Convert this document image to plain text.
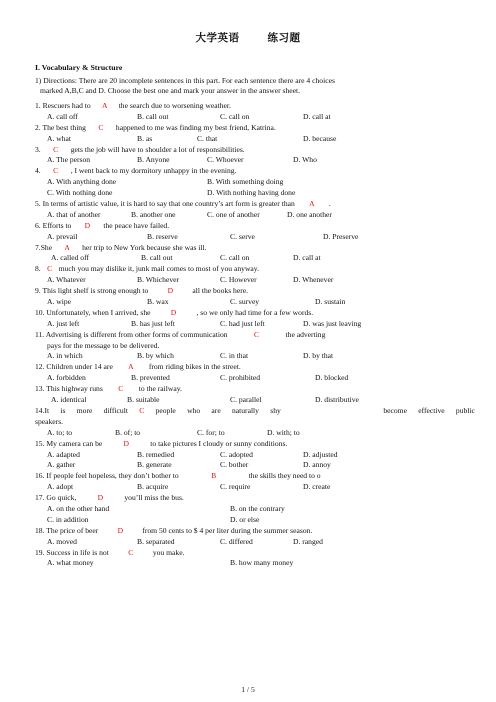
大学英语	练习题
I. Vocabulary & Structure
1) Directions: There are 20 incomplete sentences in this part. For each sentence there are 4 choices
marked A,B,C and D. Choose the best one and mark your answer in the answer sheet.
1. Rescuers had to A the search due to worsening weather.
A. call off	B. call out	C. call on	D. call at
2. The best thing C happened to me was finding my best friend, Katrina.
A. what	B. as	C. that	D. because
3. C gets the job will have to shoulder a lot of responsibilities.
A. The person	B. Anyone	C. Whoever	D. Who
4. C , I went back to my dormitory unhappy in the evening.
A. With anything done	B. With something doing
C. With nothing done	D. With nothing having done
5. In terms of artistic value, it is hard to say that one country’s art form is greater than A .
A. that of another	B. another one	C. one of another	D. one another
6. Efforts to D the peace have failed.
A. prevail	B. reserve	C. serve	D. Preserve
7.She A her trip to New York because she was ill.
A. called off	B. call out	C. call on	D. call at
8. C much you may dislike it, junk mail comes to most of you anyway.
A. Whatever	B. Whichever	C. However	D. Whenever
9. This light shelf is strong enough to	D	all the books here.
A. wipe	B. wax	C. survey	D. sustain
10. Unfortunately, when I arrived, she	D	, so we only had time for a few words.
A. just left	B. has just left	C. had just left	D. was just leaving
11. Advertising is different from other forms of communication	C	the adverting
pays for the message to be delivered.
A. in which	B. by which	C. in that	D. by that
12. Children under 14 are A from riding bikes in the street.
A. forbidden	B. prevented	C. prohibited	D. blocked
13. This highway runs C to the railway.
A. identical	B. suitable	C. parallel	D. distributive
14.It is more difficult C people who are naturally shy	become effective public
speakers.
A. to; to	B. of; to	C. for; to	D. with; to
15. My camera can be	D	to take pictures I cloudy or sunny conditions.
A. adapted	B. remedied	C. adopted	D. adjusted
A. gather	B. generate	C. bother	D. annoy
16. If people feel hopeless, they don’t bother to	B	the skills they need to o
A. adopt	B. acquire	C. require	D. create
17. Go quick,	D	you’ll miss the bus.
A. on the other hand	B. on the contrary
C. in addition	D. or else
18. The price of beer	D	from 50 cents to $ 4 per liter during the summer season.
A. moved	B. separated	C. differed	D. ranged
19. Success in life is not	C	you make.
A. what money	B. how many money
1 / 5
